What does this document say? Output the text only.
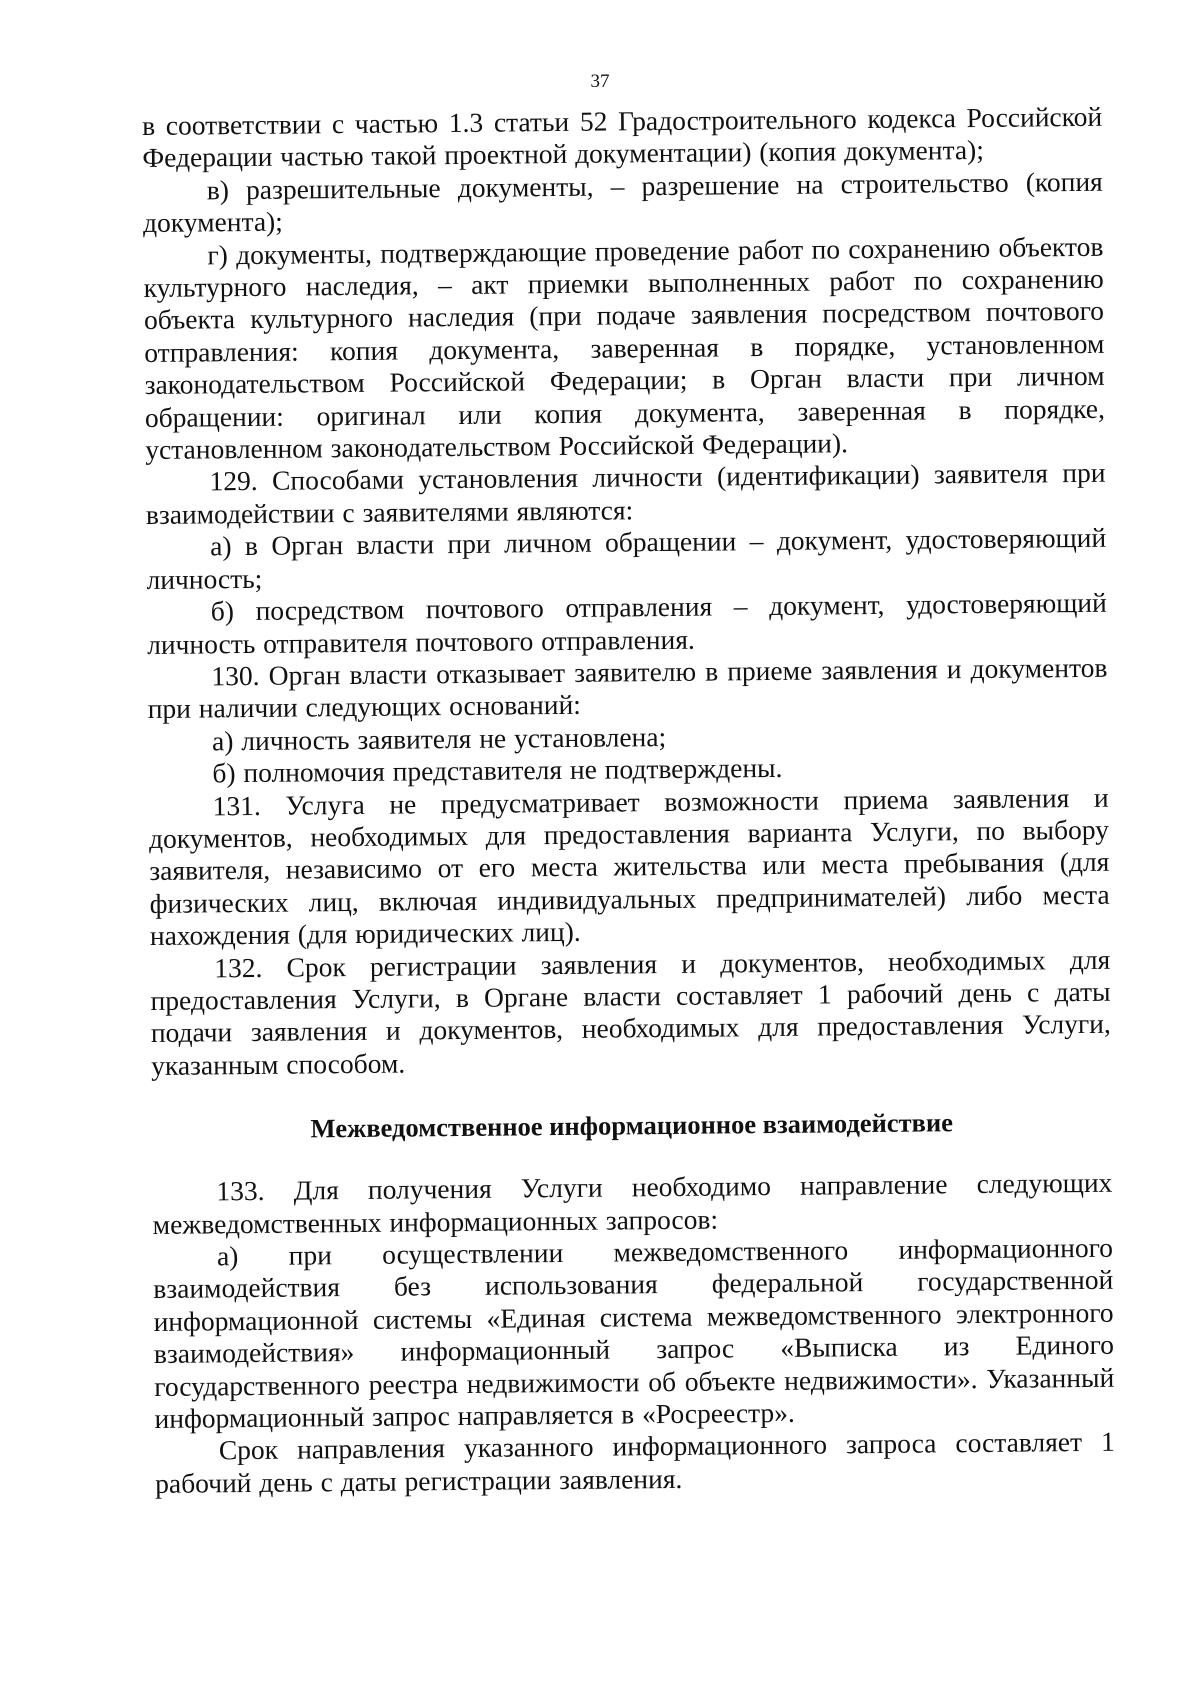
37

в соответствии с частью 1.3 статьи 52 Градостроительного кодекса Российской Федерации частью такой проектной документации) (копия документа);

в) разрешительные документы, – разрешение на строительство (копия документа);

г) документы, подтверждающие проведение работ по сохранению объектов культурного наследия, – акт приемки выполненных работ по сохранению объекта культурного наследия (при подаче заявления посредством почтового отправления: копия документа, заверенная в порядке, установленном законодательством Российской Федерации; в Орган власти при личном обращении: оригинал или копия документа, заверенная в порядке, установленном законодательством Российской Федерации).

129. Способами установления личности (идентификации) заявителя при взаимодействии с заявителями являются:

а) в Орган власти при личном обращении – документ, удостоверяющий личность;

б) посредством почтового отправления – документ, удостоверяющий личность отправителя почтового отправления.

130. Орган власти отказывает заявителю в приеме заявления и документов при наличии следующих оснований:

а) личность заявителя не установлена;

б) полномочия представителя не подтверждены.

131. Услуга не предусматривает возможности приема заявления и документов, необходимых для предоставления варианта Услуги, по выбору заявителя, независимо от его места жительства или места пребывания (для физических лиц, включая индивидуальных предпринимателей) либо места нахождения (для юридических лиц).

132. Срок регистрации заявления и документов, необходимых для предоставления Услуги, в Органе власти составляет 1 рабочий день с даты подачи заявления и документов, необходимых для предоставления Услуги, указанным способом.

Межведомственное информационное взаимодействие

133. Для получения Услуги необходимо направление следующих межведомственных информационных запросов:

а) при осуществлении межведомственного информационного взаимодействия без использования федеральной государственной информационной системы «Единая система межведомственного электронного взаимодействия» информационный запрос «Выписка из Единого государственного реестра недвижимости об объекте недвижимости». Указанный информационный запрос направляется в «Росреестр».

Срок направления указанного информационного запроса составляет 1 рабочий день с даты регистрации заявления.
